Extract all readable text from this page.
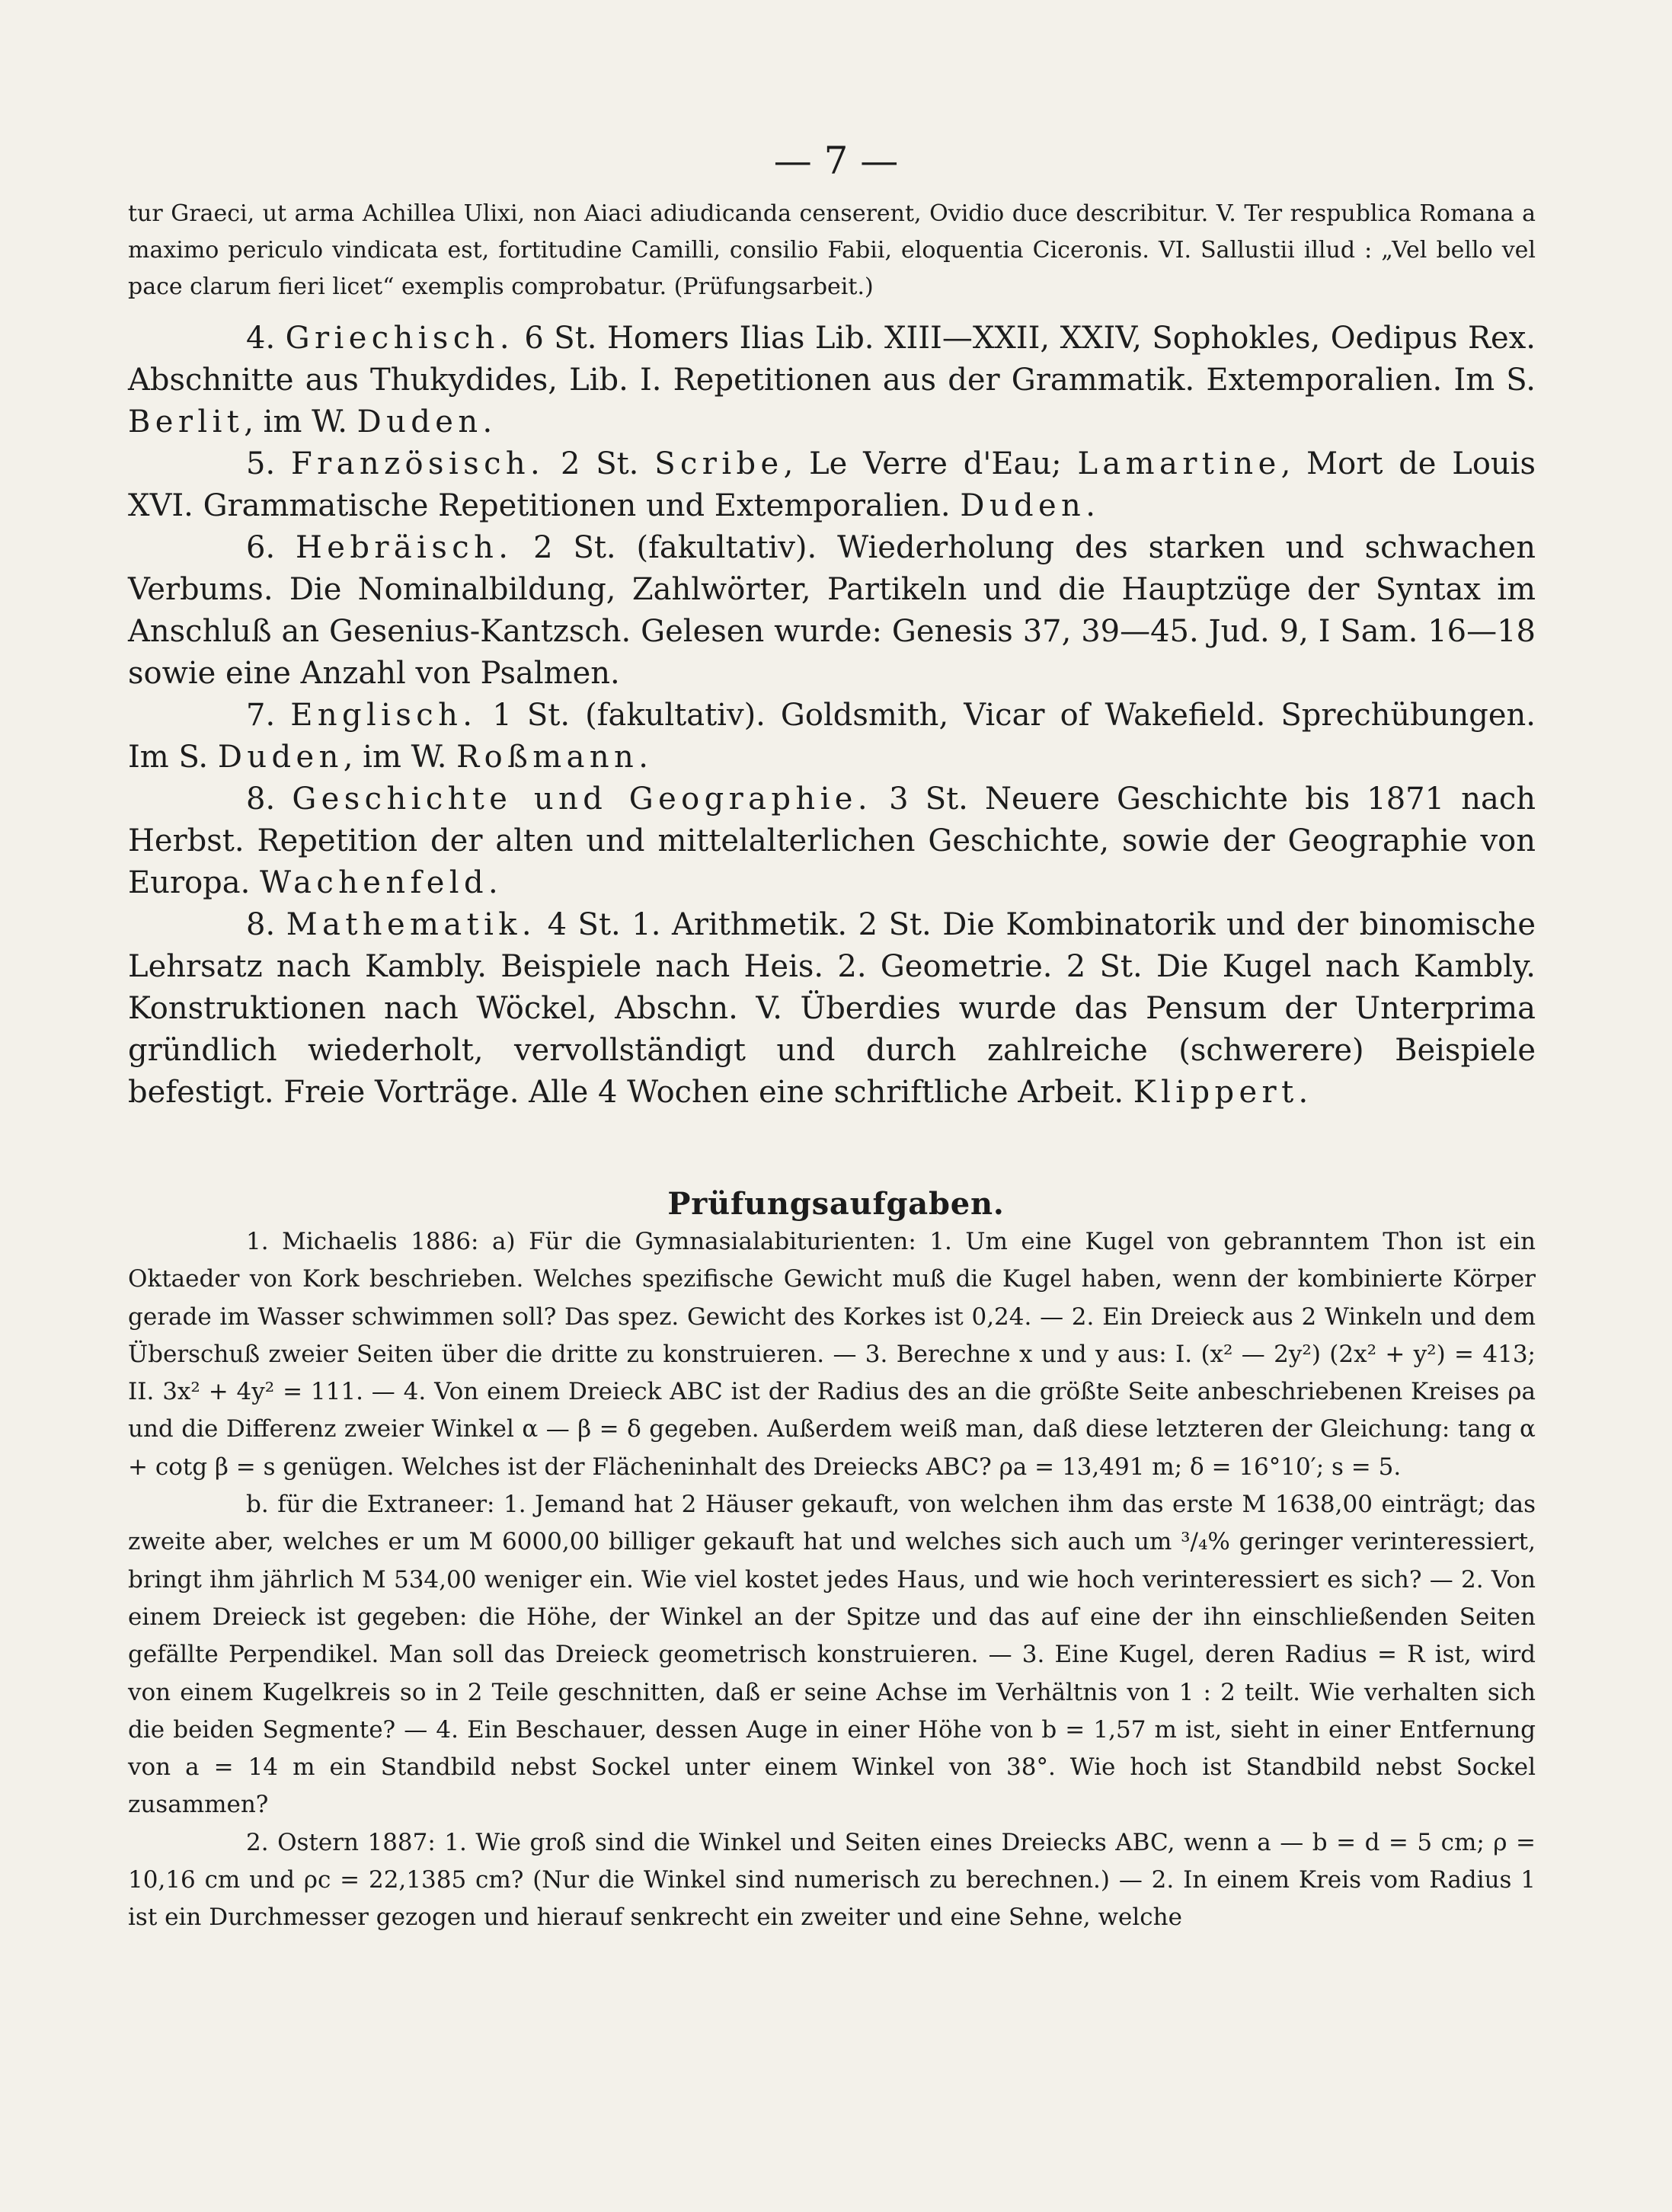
— 7 —

tur Graeci, ut arma Achillea Ulixi, non Aiaci adiudicanda censerent, Ovidio duce describitur. V. Ter respublica Romana a maximo periculo vindicata est, fortitudine Camilli, consilio Fabii, eloquentia Ciceronis. VI. Sallustii illud : „Vel bello vel pace clarum fieri licet“ exemplis comprobatur. (Prüfungsarbeit.)

4. Griechisch. 6 St. Homers Ilias Lib. XIII—XXII, XXIV, Sophokles, Oedipus Rex. Abschnitte aus Thukydides, Lib. I. Repetitionen aus der Grammatik. Extemporalien. Im S. Berlit, im W. Duden.

5. Französisch. 2 St. Scribe, Le Verre d'Eau; Lamartine, Mort de Louis XVI. Grammatische Repetitionen und Extemporalien. Duden.

6. Hebräisch. 2 St. (fakultativ). Wiederholung des starken und schwachen Verbums. Die Nominalbildung, Zahlwörter, Partikeln und die Hauptzüge der Syntax im Anschluß an Gesenius-Kantzsch. Gelesen wurde: Genesis 37, 39—45. Jud. 9, I Sam. 16—18 sowie eine Anzahl von Psalmen.

7. Englisch. 1 St. (fakultativ). Goldsmith, Vicar of Wakefield. Sprechübungen. Im S. Duden, im W. Roßmann.

8. Geschichte und Geographie. 3 St. Neuere Geschichte bis 1871 nach Herbst. Repetition der alten und mittelalterlichen Geschichte, sowie der Geographie von Europa. Wachenfeld.

8. Mathematik. 4 St. 1. Arithmetik. 2 St. Die Kombinatorik und der binomische Lehrsatz nach Kambly. Beispiele nach Heis. 2. Geometrie. 2 St. Die Kugel nach Kambly. Konstruktionen nach Wöckel, Abschn. V. Überdies wurde das Pensum der Unterprima gründlich wiederholt, vervollständigt und durch zahlreiche (schwerere) Beispiele befestigt. Freie Vorträge. Alle 4 Wochen eine schriftliche Arbeit. Klippert.

Prüfungsaufgaben.

1. Michaelis 1886: a) Für die Gymnasialabiturienten: 1. Um eine Kugel von gebranntem Thon ist ein Oktaeder von Kork beschrieben. Welches spezifische Gewicht muß die Kugel haben, wenn der kombinierte Körper gerade im Wasser schwimmen soll? Das spez. Gewicht des Korkes ist 0,24. — 2. Ein Dreieck aus 2 Winkeln und dem Überschuß zweier Seiten über die dritte zu konstruieren. — 3. Berechne x und y aus: I. (x² — 2y²) (2x² + y²) = 413; II. 3x² + 4y² = 111. — 4. Von einem Dreieck ABC ist der Radius des an die größte Seite anbeschriebenen Kreises ρa und die Differenz zweier Winkel α — β = δ gegeben. Außerdem weiß man, daß diese letzteren der Gleichung: tang α + cotg β = s genügen. Welches ist der Flächeninhalt des Dreiecks ABC? ρa = 13,491 m; δ = 16°10′; s = 5.

b. für die Extraneer: 1. Jemand hat 2 Häuser gekauft, von welchen ihm das erste M 1638,00 einträgt; das zweite aber, welches er um M 6000,00 billiger gekauft hat und welches sich auch um ³/₄% geringer verinteressiert, bringt ihm jährlich M 534,00 weniger ein. Wie viel kostet jedes Haus, und wie hoch verinteressiert es sich? — 2. Von einem Dreieck ist gegeben: die Höhe, der Winkel an der Spitze und das auf eine der ihn einschließenden Seiten gefällte Perpendikel. Man soll das Dreieck geometrisch konstruieren. — 3. Eine Kugel, deren Radius = R ist, wird von einem Kugelkreis so in 2 Teile geschnitten, daß er seine Achse im Verhältnis von 1 : 2 teilt. Wie verhalten sich die beiden Segmente? — 4. Ein Beschauer, dessen Auge in einer Höhe von b = 1,57 m ist, sieht in einer Entfernung von a = 14 m ein Standbild nebst Sockel unter einem Winkel von 38°. Wie hoch ist Standbild nebst Sockel zusammen?

2. Ostern 1887: 1. Wie groß sind die Winkel und Seiten eines Dreiecks ABC, wenn a — b = d = 5 cm; ρ = 10,16 cm und ρc = 22,1385 cm? (Nur die Winkel sind numerisch zu berechnen.) — 2. In einem Kreis vom Radius 1 ist ein Durchmesser gezogen und hierauf senkrecht ein zweiter und eine Sehne, welche
